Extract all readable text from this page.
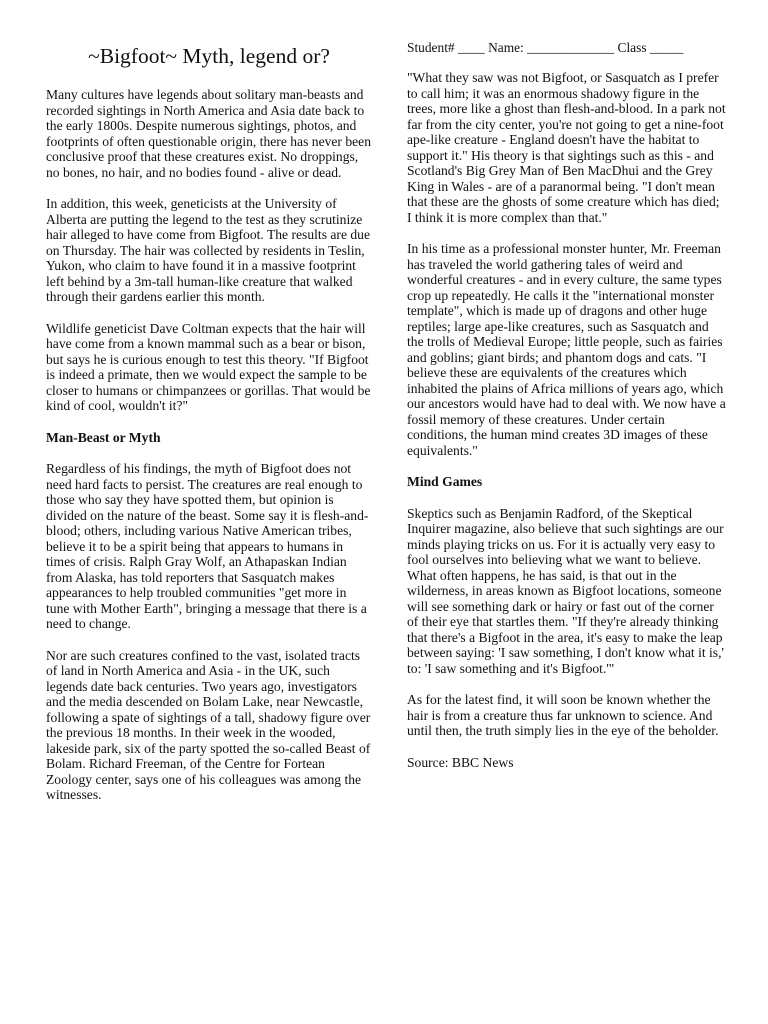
~Bigfoot~ Myth, legend or?

Many cultures have legends about solitary man-beasts and recorded sightings in North America and Asia date back to the early 1800s. Despite numerous sightings, photos, and footprints of often questionable origin, there has never been conclusive proof that these creatures exist. No droppings, no bones, no hair, and no bodies found - alive or dead.

In addition, this week, geneticists at the University of Alberta are putting the legend to the test as they scrutinize hair alleged to have come from Bigfoot. The results are due on Thursday. The hair was collected by residents in Teslin, Yukon, who claim to have found it in a massive footprint left behind by a 3m-tall human-like creature that walked through their gardens earlier this month.

Wildlife geneticist Dave Coltman expects that the hair will have come from a known mammal such as a bear or bison, but says he is curious enough to test this theory. "If Bigfoot is indeed a primate, then we would expect the sample to be closer to humans or chimpanzees or gorillas. That would be kind of cool, wouldn't it?"

Man-Beast or Myth

Regardless of his findings, the myth of Bigfoot does not need hard facts to persist. The creatures are real enough to those who say they have spotted them, but opinion is divided on the nature of the beast. Some say it is flesh-and-blood; others, including various Native American tribes, believe it to be a spirit being that appears to humans in times of crisis. Ralph Gray Wolf, an Athapaskan Indian from Alaska, has told reporters that Sasquatch makes appearances to help troubled communities "get more in tune with Mother Earth", bringing a message that there is a need to change.

Nor are such creatures confined to the vast, isolated tracts of land in North America and Asia - in the UK, such legends date back centuries. Two years ago, investigators and the media descended on Bolam Lake, near Newcastle, following a spate of sightings of a tall, shadowy figure over the previous 18 months. In their week in the wooded, lakeside park, six of the party spotted the so-called Beast of Bolam. Richard Freeman, of the Centre for Fortean Zoology center, says one of his colleagues was among the witnesses.

Student# ____ Name: _____________ Class _____

"What they saw was not Bigfoot, or Sasquatch as I prefer to call him; it was an enormous shadowy figure in the trees, more like a ghost than flesh-and-blood. In a park not far from the city center, you're not going to get a nine-foot ape-like creature - England doesn't have the habitat to support it." His theory is that sightings such as this - and Scotland's Big Grey Man of Ben MacDhui and the Grey King in Wales - are of a paranormal being. "I don't mean that these are the ghosts of some creature which has died; I think it is more complex than that."

In his time as a professional monster hunter, Mr. Freeman has traveled the world gathering tales of weird and wonderful creatures - and in every culture, the same types crop up repeatedly. He calls it the "international monster template", which is made up of dragons and other huge reptiles; large ape-like creatures, such as Sasquatch and the trolls of Medieval Europe; little people, such as fairies and goblins; giant birds; and phantom dogs and cats. "I believe these are equivalents of the creatures which inhabited the plains of Africa millions of years ago, which our ancestors would have had to deal with. We now have a fossil memory of these creatures. Under certain conditions, the human mind creates 3D images of these equivalents."

Mind Games

Skeptics such as Benjamin Radford, of the Skeptical Inquirer magazine, also believe that such sightings are our minds playing tricks on us. For it is actually very easy to fool ourselves into believing what we want to believe. What often happens, he has said, is that out in the wilderness, in areas known as Bigfoot locations, someone will see something dark or hairy or fast out of the corner of their eye that startles them. "If they're already thinking that there's a Bigfoot in the area, it's easy to make the leap between saying: 'I saw something, I don't know what it is,' to: 'I saw something and it's Bigfoot.'"

As for the latest find, it will soon be known whether the hair is from a creature thus far unknown to science. And until then, the truth simply lies in the eye of the beholder.

Source: BBC News
